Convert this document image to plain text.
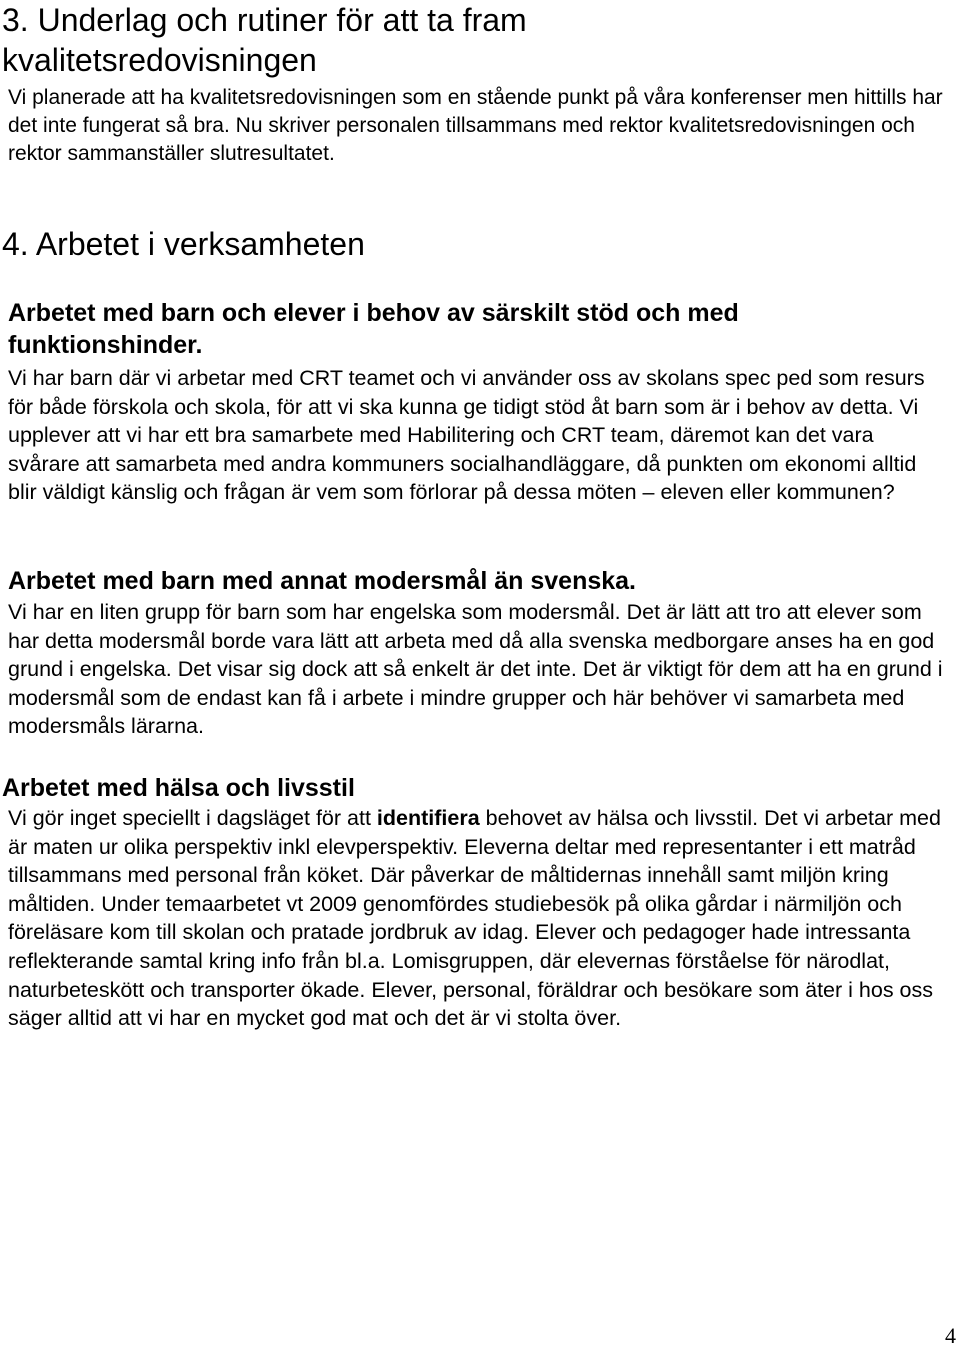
3. Underlag och rutiner för att ta fram
kvalitetsredovisningen

Vi planerade att ha kvalitetsredovisningen som en stående punkt på våra konferenser men hittills har det inte fungerat så bra. Nu skriver personalen tillsammans med rektor kvalitetsredovisningen och rektor sammanställer slutresultatet.

4. Arbetet i verksamheten
Arbetet med barn och elever i behov av särskilt stöd och med funktionshinder.

Vi har barn där vi arbetar med CRT teamet och vi använder oss av skolans spec ped som resurs för både förskola och skola, för att vi ska kunna ge tidigt stöd åt barn som är i behov av detta. Vi upplever att vi har ett bra samarbete med Habilitering och CRT team, däremot kan det vara svårare att samarbeta med andra kommuners socialhandläggare, då punkten om ekonomi alltid blir väldigt känslig och frågan är vem som förlorar på dessa möten – eleven eller kommunen?

Arbetet med barn med annat modersmål än svenska.

Vi har en liten grupp för barn som har engelska som modersmål. Det är lätt att tro att elever som har detta modersmål borde vara lätt att arbeta med då alla svenska medborgare anses ha en god grund i engelska. Det visar sig dock att så enkelt är det inte. Det är viktigt för dem att ha en grund i modersmål som de endast kan få i arbete i mindre grupper och här behöver vi samarbeta med modersmåls lärarna.

Arbetet med hälsa och livsstil

Vi gör inget speciellt i dagsläget för att identifiera behovet av hälsa och livsstil. Det vi arbetar med är maten ur olika perspektiv inkl elevperspektiv. Eleverna deltar med representanter i ett matråd tillsammans med personal från köket. Där påverkar de måltidernas innehåll samt miljön kring måltiden. Under temaarbetet vt 2009 genomfördes studiebesök på olika gårdar i närmiljön och föreläsare kom till skolan och pratade jordbruk av idag. Elever och pedagoger hade intressanta reflekterande samtal kring info från bl.a. Lomisgruppen, där elevernas förståelse för närodlat, naturbeteskött och transporter ökade. Elever, personal, föräldrar och besökare som äter i hos oss säger alltid att vi har en mycket god mat och det är vi stolta över.

4
